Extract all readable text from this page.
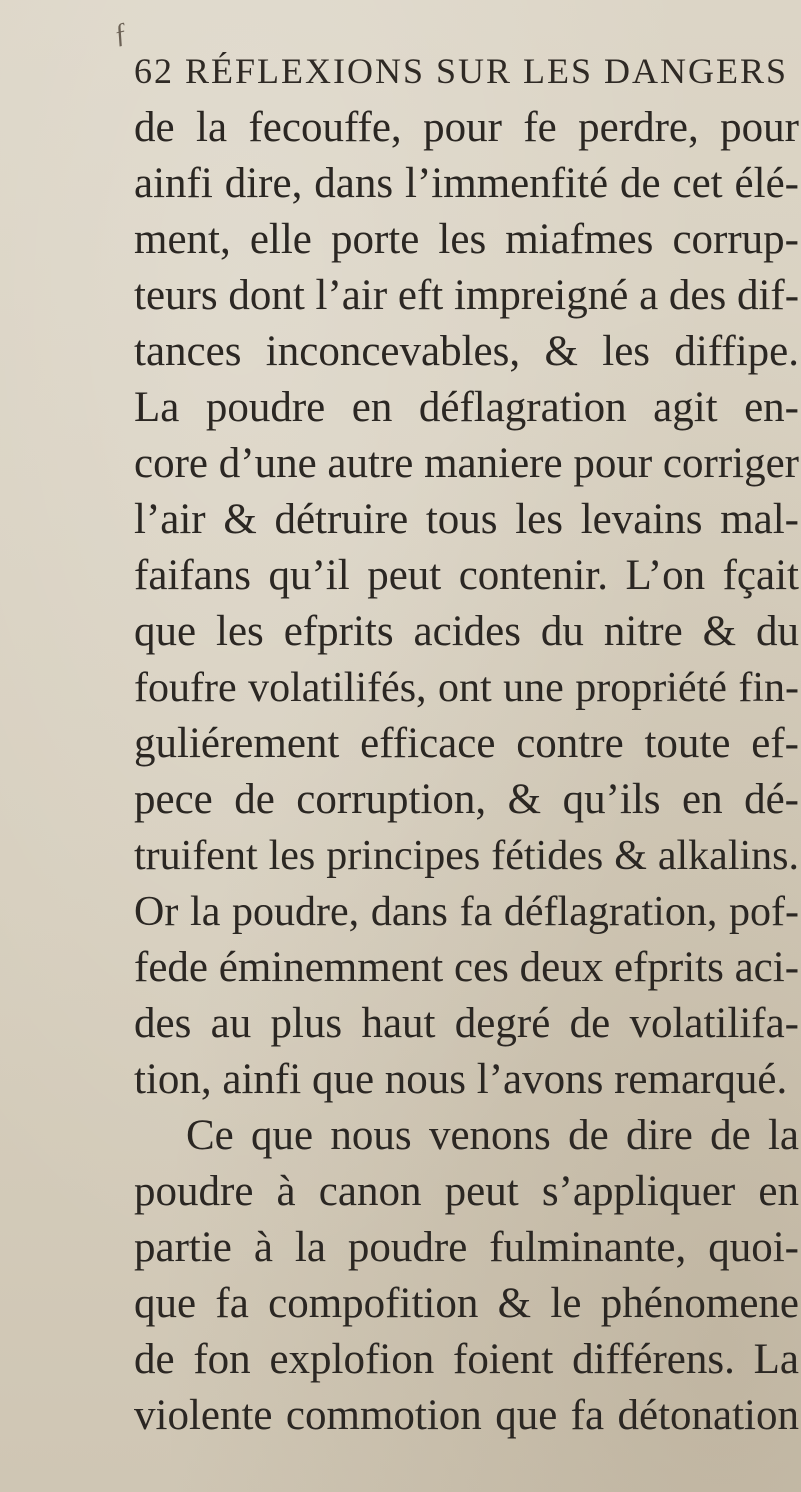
ƒ
62 RÉFLEXIONS SUR LES DANGERS
de la fecouffe, pour fe perdre, pour
ainfi dire, dans l’immenfité de cet élé-
ment, elle porte les miafmes corrup-
teurs dont l’air eft impreigné a des dif-
tances inconcevables, & les diffipe.
La poudre en déflagration agit en-
core d’une autre maniere pour corriger
l’air & détruire tous les levains mal-
faifans qu’il peut contenir. L’on fçait
que les efprits acides du nitre & du
foufre volatilifés, ont une propriété fin-
guliérement efficace contre toute ef-
pece de corruption, & qu’ils en dé-
truifent les principes fétides & alkalins.
Or la poudre, dans fa déflagration, pof-
fede éminemment ces deux efprits aci-
des au plus haut degré de volatilifa-
tion, ainfi que nous l’avons remarqué.
Ce que nous venons de dire de la
poudre à canon peut s’appliquer en
partie à la poudre fulminante, quoi-
que fa compofition & le phénomene
de fon explofion foient différens. La
violente commotion que fa détonation
